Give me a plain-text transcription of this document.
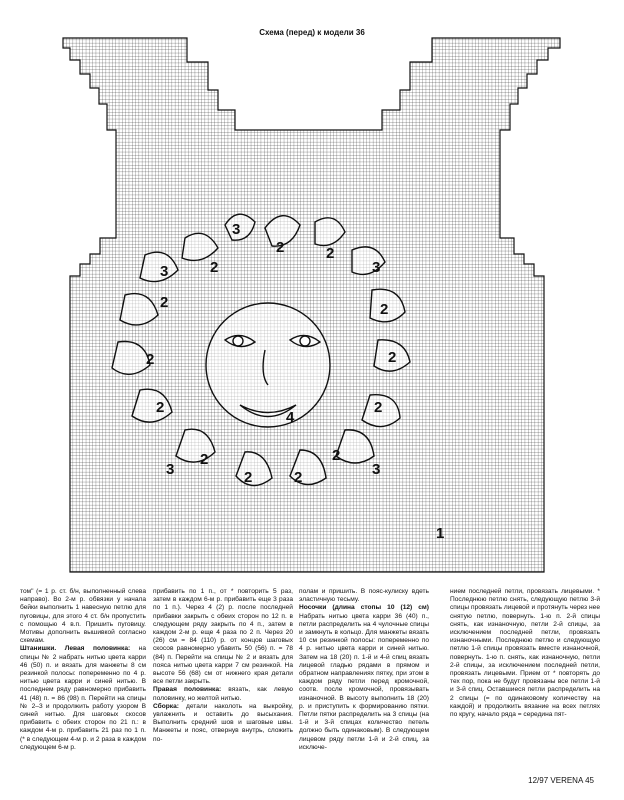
3
2
3	2
2
3
2	2
2	2
2	2
4
2	2
3	3
2	2
1
Схема (перед) к модели 36

том" (= 1 р. ст. б/н, выполненный слева направо). Во 2-м р. обвязки у начала бейки выполнить 1 навесную петлю для пуговицы, для этого 4 ст. б/н пропустить с помощью 4 в.п. Пришить пуговицу. Мотивы дополнить вышивкой согласно схемам.

Штанишки. Левая половинка: на спицы № 2 набрать нитью цвета карри 46 (50) п. и вязать для манжеты 8 см резинкой полосы: попеременно по 4 р. нитью цвета карри и синей нитью. В последнем ряду равномерно прибавить 41 (48) п. = 86 (98) п. Перейти на спицы № 2–3 и продолжить работу узором В синей нитью. Для шаговых скосов прибавить с обеих сторон по 21 п.: в каждом 4-м р. прибавить 21 раз по 1 п. (* в следующем 4-м р. и 2 раза в каждом следующем 6-м р.

прибавить по 1 п., от * повторить 5 раз, затем в каждом 6-м р. прибавить еще 3 раза по 1 п.). Через 4 (2) р. после последней прибавки закрыть с обеих сторон по 12 п. в следующем ряду закрыть по 4 п., затем в каждом 2-м р. еще 4 раза по 2 п. Через 20 (26) см = 84 (110) р. от концов шаговых скосов равномерно убавить 50 (56) п. = 78 (84) п. Перейти на спицы № 2 и вязать для пояса нитью цвета карри 7 см резинкой. На высоте 56 (68) см от нижнего края детали все петли закрыть.

Правая половинка: вязать, как левую половинку, но желтой нитью.

Сборка: детали наколоть на выкройку, увлажнить и оставить до высыхания. Выполнить средний шов и шаговые швы. Манжеты и пояс, отвернув внутрь, сложить по-

полам и пришить. В пояс-кулиску вдеть эластичную тесьму.

Носочки (длина стопы 10 (12) см) Набрать нитью цвета карри 36 (40) п., петли распределить на 4 чулочные спицы и замкнуть в кольцо. Для манжеты вязать 10 см резинкой полосы: попеременно по 4 р. нитью цвета карри и синей нитью. Затем на 18 (20) п. 1-й и 4-й спиц вязать лицевой гладью рядами в прямом и обратном направлениях пятку, при этом в каждом ряду петли перед кромочной, соотв. после кромочной, провязывать изнаночной. В высоту выполнить 18 (20) р. и приступить к формированию пятки. Петли пятки распределить на 3 спицы (на 1-й и 3-й спицах количество петель должно быть одинаковым). В следующем лицевом ряду петли 1-й и 2-й спиц, за исключе-

нием последней петли, провязать лицевыми. * Последнюю петлю снять, следующую петлю 3-й спицы провязать лицевой и протянуть через нее снятую петлю, повернуть. 1-ю п. 2-й спицы снять, как изнаночную, петли 2-й спицы, за исключением последней петли, провязать изнаночными. Последнюю петлю и следующую петлю 1-й спицы провязать вместе изнаночной, повернуть. 1-ю п. снять, как изнаночную, петли 2-й спицы, за исключением последней петли, провязать лицевыми. Прием от * повторять до тех пор, пока не будут провязаны все петли 1-й и 3-й спиц. Оставшиеся петли распределить на 2 спицы (= по одинаковому количеству на каждой) и продолжить вязание на всех петлях по кругу, начало ряда = середина пят-

12/97 VERENA 45
